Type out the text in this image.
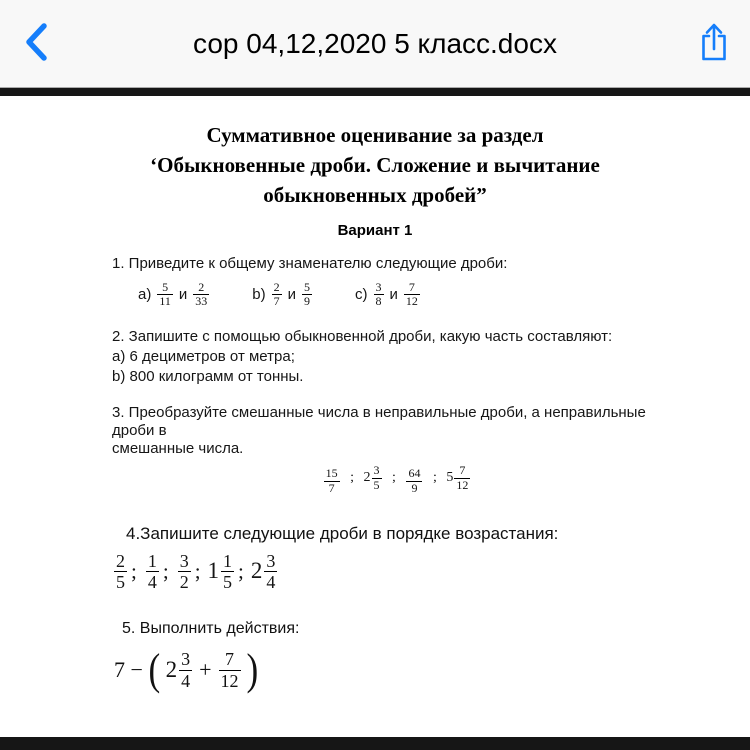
сор 04,12,2020 5 класс.docx
Суммативное оценивание за раздел
‘Обыкновенные дроби. Сложение и вычитание
обыкновенных дробей”
Вариант 1
1. Приведите к общему знаменателю следующие дроби:
$а) \frac{5}{11}$ и $\frac{2}{33}$	$b) \frac{2}{7}$ и $\frac{5}{9}$	$c) \frac{3}{8}$ и $\frac{7}{12}$
2. Запишите с помощью обыкновенной дроби, какую часть составляют:
a) 6 дециметров от метра;
b) 800 килограмм от тонны.
3. Преобразуйте смешанные числа в неправильные дроби, а неправильные дроби в
смешанные числа.
$\frac{15}{7}$ ; $2 \frac{3}{5}$ ; $\frac{64}{9}$ ; $5 \frac{7}{12}$
4.Запишите следующие дроби в порядке возрастания:
$\frac{2}{5}$ ; $\frac{1}{4}$ ; $\frac{3}{2}$ ; $1 \frac{1}{5}$ ; $2 \frac{3}{4}$
5. Выполнить действия:
7 − ( $2 \frac{3}{4} + \frac{7}{12}$ )
